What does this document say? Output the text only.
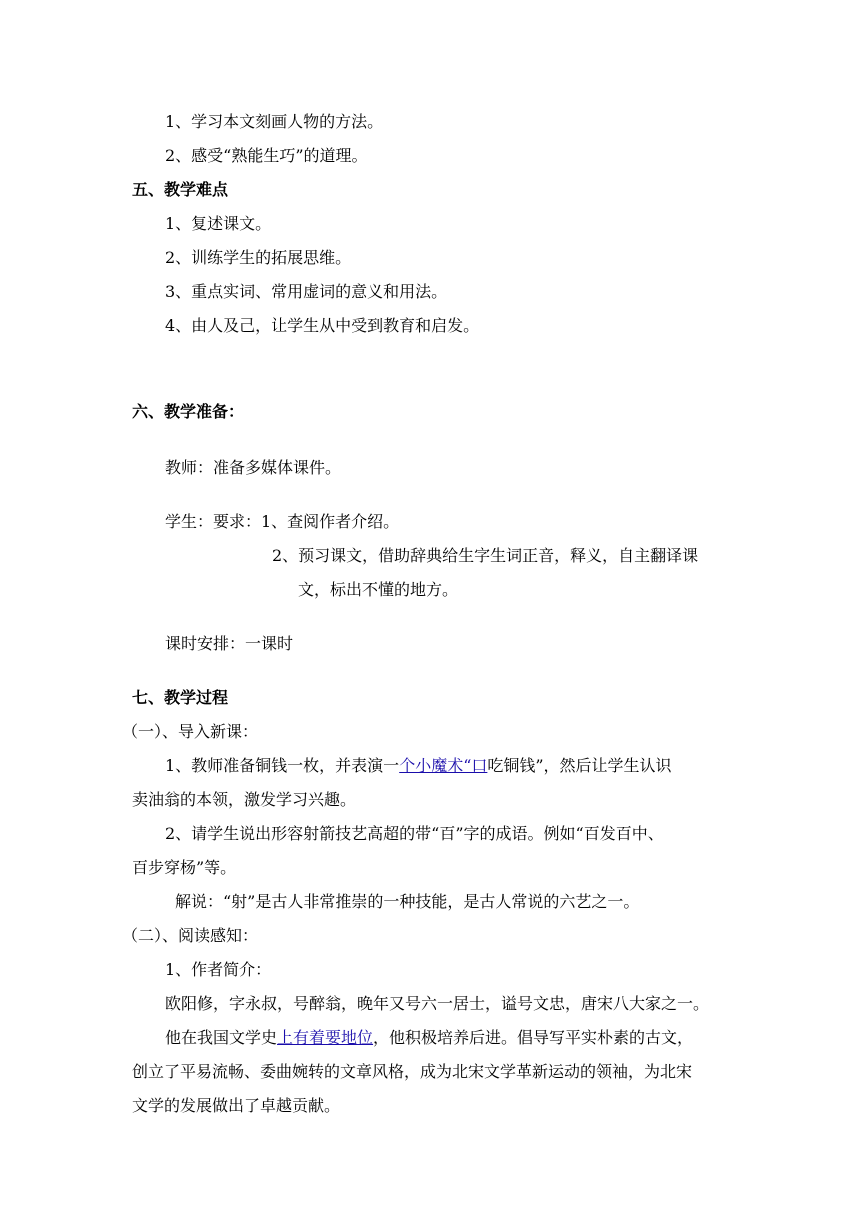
1、学习本文刻画人物的方法。

2、感受“熟能生巧”的道理。

五、教学难点

1、复述课文。

2、训练学生的拓展思维。

3、重点实词、常用虚词的意义和用法。

4、由人及己，让学生从中受到教育和启发。

六、教学准备：

教师：准备多媒体课件。

学生：要求：1、查阅作者介绍。

2、预习课文，借助辞典给生字生词正音，释义，自主翻译课

文，标出不懂的地方。

课时安排：一课时

七、教学过程

（一）、导入新课：

1、教师准备铜钱一枚，并表演一个小魔术“口吃铜钱”，然后让学生认识

卖油翁的本领，激发学习兴趣。

2、请学生说出形容射箭技艺高超的带“百”字的成语。例如“百发百中、

百步穿杨”等。

解说：“射”是古人非常推崇的一种技能，是古人常说的六艺之一。

（二）、阅读感知：

1、作者简介：

欧阳修，字永叔，号醉翁，晚年又号六一居士，谥号文忠，唐宋八大家之一。

他在我国文学史上有着要地位，他积极培养后进。倡导写平实朴素的古文，

创立了平易流畅、委曲婉转的文章风格，成为北宋文学革新运动的领袖，为北宋

文学的发展做出了卓越贡献。
